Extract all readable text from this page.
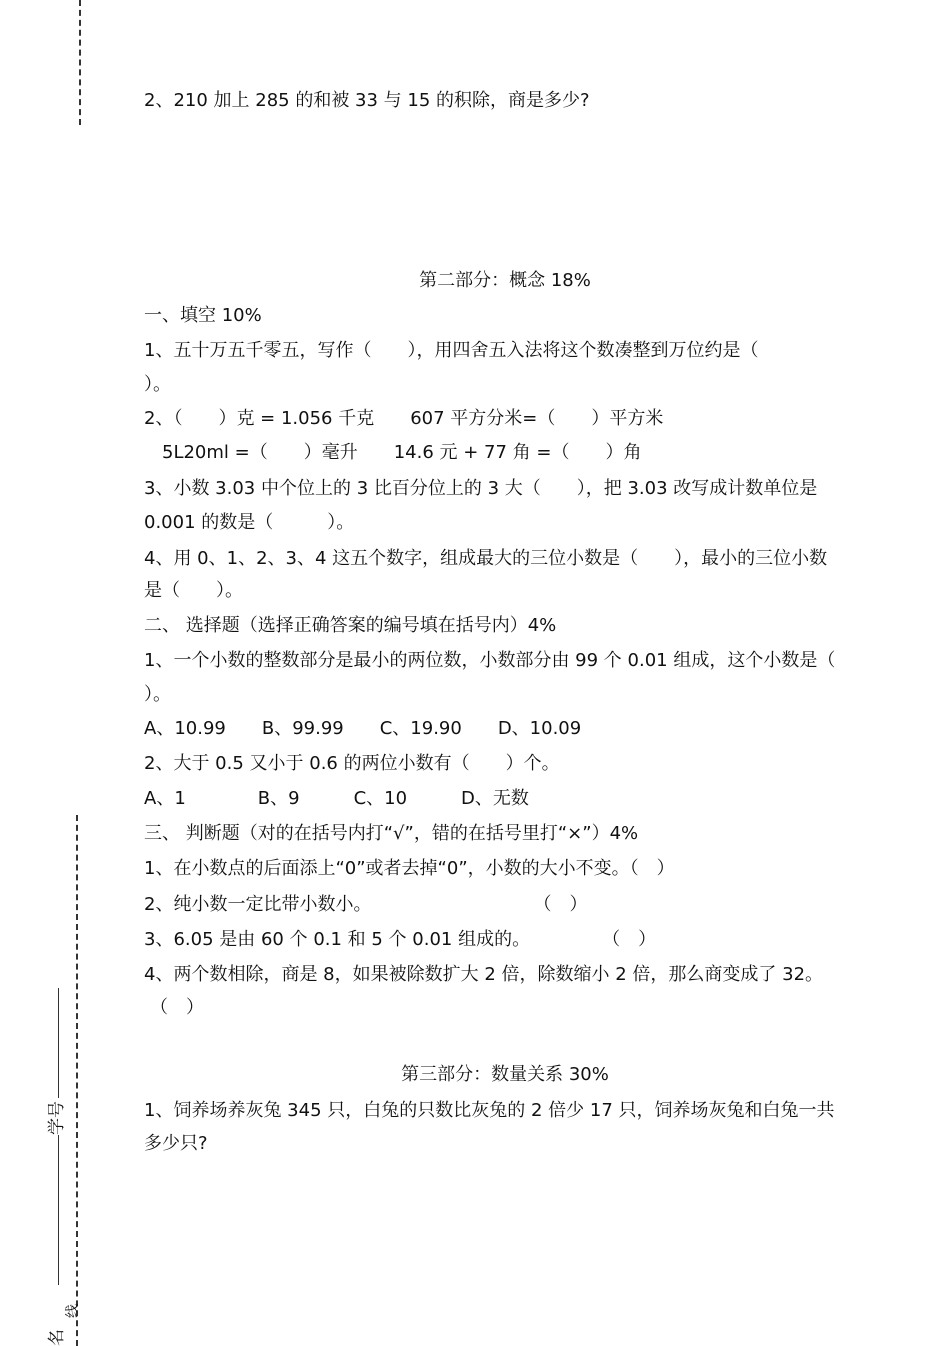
学号
名
线
2、210 加上 285 的和被 33 与 15 的积除，商是多少?
第二部分：概念 18%
一、填空 10%
1、五十万五千零五，写作（　　），用四舍五入法将这个数凑整到万位约是（
）。
2、（　　）克 = 1.056 千克　　607 平方分米=（　　）平方米
5L20ml =（　　）毫升　　14.6 元 + 77 角 =（　　）角
3、小数 3.03 中个位上的 3 比百分位上的 3 大（　　），把 3.03 改写成计数单位是
0.001 的数是（　　　）。
4、用 0、1、2、3、4 这五个数字，组成最大的三位小数是（　　），最小的三位小数
是（　　）。
二、 选择题（选择正确答案的编号填在括号内）4%
1、一个小数的整数部分是最小的两位数，小数部分由 99 个 0.01 组成，这个小数是（
）。
A、10.99　　B、99.99　　C、19.90　　D、10.09
2、大于 0.5 又小于 0.6 的两位小数有（　　）个。
A、1　　　　B、9　　　C、10　　　D、无数
三、 判断题（对的在括号内打“√”，错的在括号里打“×”）4%
1、在小数点的后面添上“0”或者去掉“0”，小数的大小不变。（　）
2、纯小数一定比带小数小。　　　　　　　　　　（　）
3、6.05 是由 60 个 0.1 和 5 个 0.01 组成的。　　　　　（　）
4、两个数相除，商是 8，如果被除数扩大 2 倍，除数缩小 2 倍，那么商变成了 32。
（　）
第三部分：数量关系 30%
1、饲养场养灰兔 345 只，白兔的只数比灰兔的 2 倍少 17 只，饲养场灰兔和白兔一共
多少只?
